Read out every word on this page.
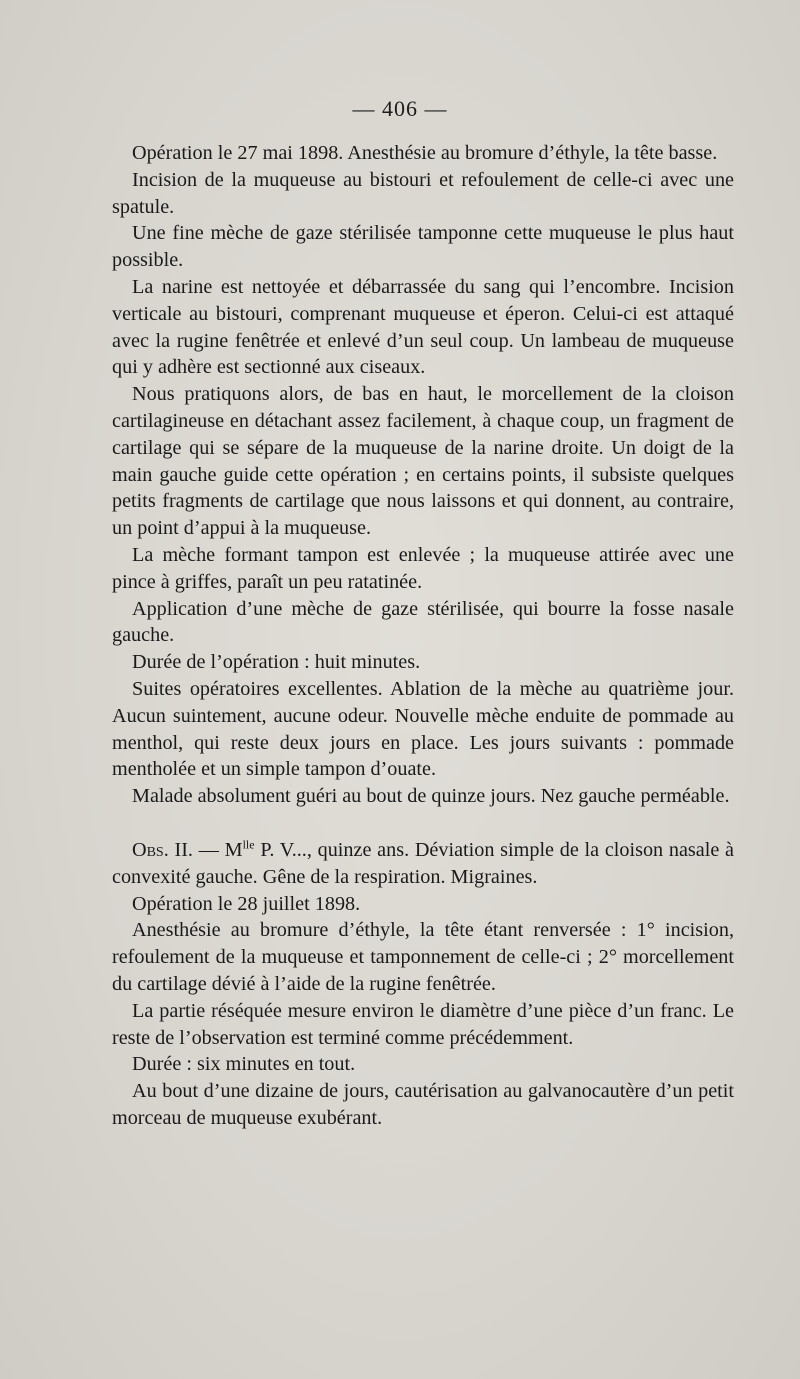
— 406 —

Opération le 27 mai 1898. Anesthésie au bromure d’éthyle, la tête basse.

Incision de la muqueuse au bistouri et refoulement de celle-ci avec une spatule.

Une fine mèche de gaze stérilisée tamponne cette muqueuse le plus haut possible.

La narine est nettoyée et débarrassée du sang qui l’encombre. Incision verticale au bistouri, comprenant muqueuse et éperon. Celui-ci est attaqué avec la rugine fenêtrée et enlevé d’un seul coup. Un lambeau de muqueuse qui y adhère est sectionné aux ciseaux.

Nous pratiquons alors, de bas en haut, le morcellement de la cloison cartilagineuse en détachant assez facilement, à chaque coup, un fragment de cartilage qui se sépare de la muqueuse de la narine droite. Un doigt de la main gauche guide cette opération ; en certains points, il subsiste quelques petits fragments de cartilage que nous laissons et qui donnent, au contraire, un point d’appui à la muqueuse.

La mèche formant tampon est enlevée ; la muqueuse attirée avec une pince à griffes, paraît un peu ratatinée.

Application d’une mèche de gaze stérilisée, qui bourre la fosse nasale gauche.

Durée de l’opération : huit minutes.

Suites opératoires excellentes. Ablation de la mèche au quatrième jour. Aucun suintement, aucune odeur. Nouvelle mèche enduite de pommade au menthol, qui reste deux jours en place. Les jours suivants : pommade mentholée et un simple tampon d’ouate.

Malade absolument guéri au bout de quinze jours. Nez gauche perméable.

Obs. II. — $M^{lle}$ P. V..., quinze ans. Déviation simple de la cloison nasale à convexité gauche. Gêne de la respiration. Migraines.

Opération le 28 juillet 1898.

Anesthésie au bromure d’éthyle, la tête étant renversée : 1° incision, refoulement de la muqueuse et tamponnement de celle-ci ; 2° morcellement du cartilage dévié à l’aide de la rugine fenêtrée.

La partie réséquée mesure environ le diamètre d’une pièce d’un franc. Le reste de l’observation est terminé comme précédemment.

Durée : six minutes en tout.

Au bout d’une dizaine de jours, cautérisation au galvanocautère d’un petit morceau de muqueuse exubérant.
